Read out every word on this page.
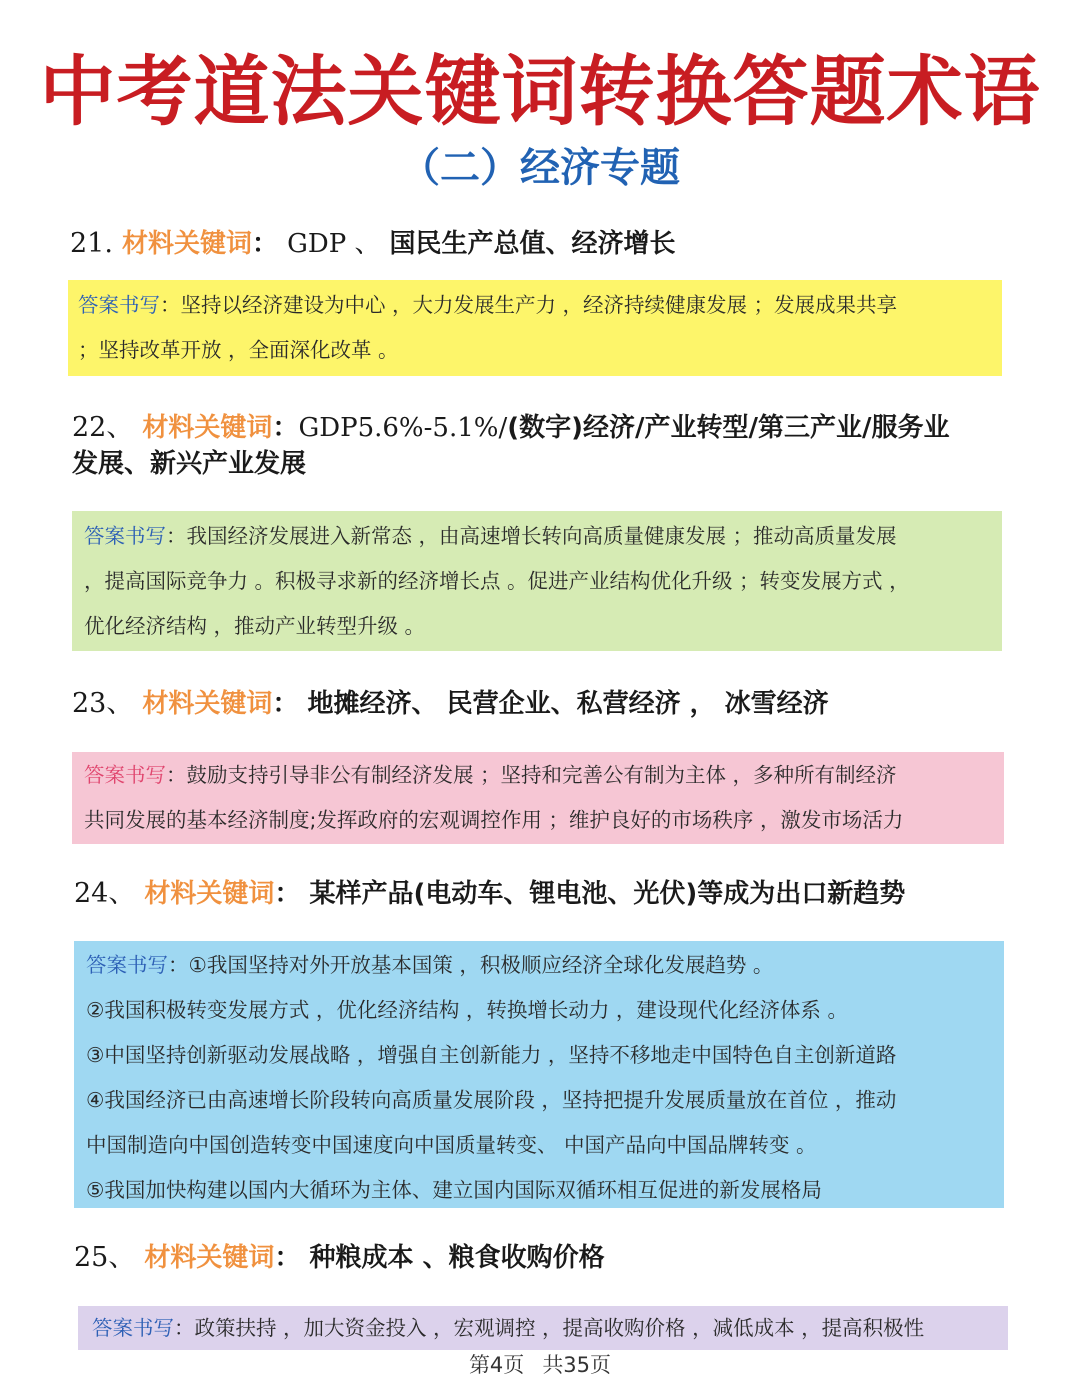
中考道法关键词转换答题术语
（二）经济专题
21. 材料关键词： GDP 、 国民生产总值、经济增长
答案书写：坚持以经济建设为中心 ，大力发展生产力 ，经济持续健康发展 ；发展成果共享
；坚持改革开放 ，全面深化改革 。
22、 材料关键词：GDP5.6%-5.1%/(数字)经济/产业转型/第三产业/服务业
发展、新兴产业发展
答案书写：我国经济发展进入新常态 ，由高速增长转向高质量健康发展 ；推动高质量发展
，提高国际竞争力 。积极寻求新的经济增长点 。促进产业结构优化升级 ；转变发展方式 ，
优化经济结构 ，推动产业转型升级 。
23、 材料关键词： 地摊经济、 民营企业、私营经济 ， 冰雪经济
答案书写：鼓励支持引导非公有制经济发展 ；坚持和完善公有制为主体 ，多种所有制经济
共同发展的基本经济制度;发挥政府的宏观调控作用 ；维护良好的市场秩序 ，激发市场活力
24、 材料关键词： 某样产品(电动车、锂电池、光伏)等成为出口新趋势
答案书写：①我国坚持对外开放基本国策 ，积极顺应经济全球化发展趋势 。
②我国积极转变发展方式 ，优化经济结构 ，转换增长动力 ，建设现代化经济体系 。
③中国坚持创新驱动发展战略 ，增强自主创新能力 ，坚持不移地走中国特色自主创新道路
④我国经济已由高速增长阶段转向高质量发展阶段 ，坚持把提升发展质量放在首位 ，推动
中国制造向中国创造转变中国速度向中国质量转变、 中国产品向中国品牌转变 。
⑤我国加快构建以国内大循环为主体、建立国内国际双循环相互促进的新发展格局
25、 材料关键词： 种粮成本 、粮食收购价格
答案书写：政策扶持 ，加大资金投入 ，宏观调控 ，提高收购价格 ，减低成本 ，提高积极性
第4页 共35页
